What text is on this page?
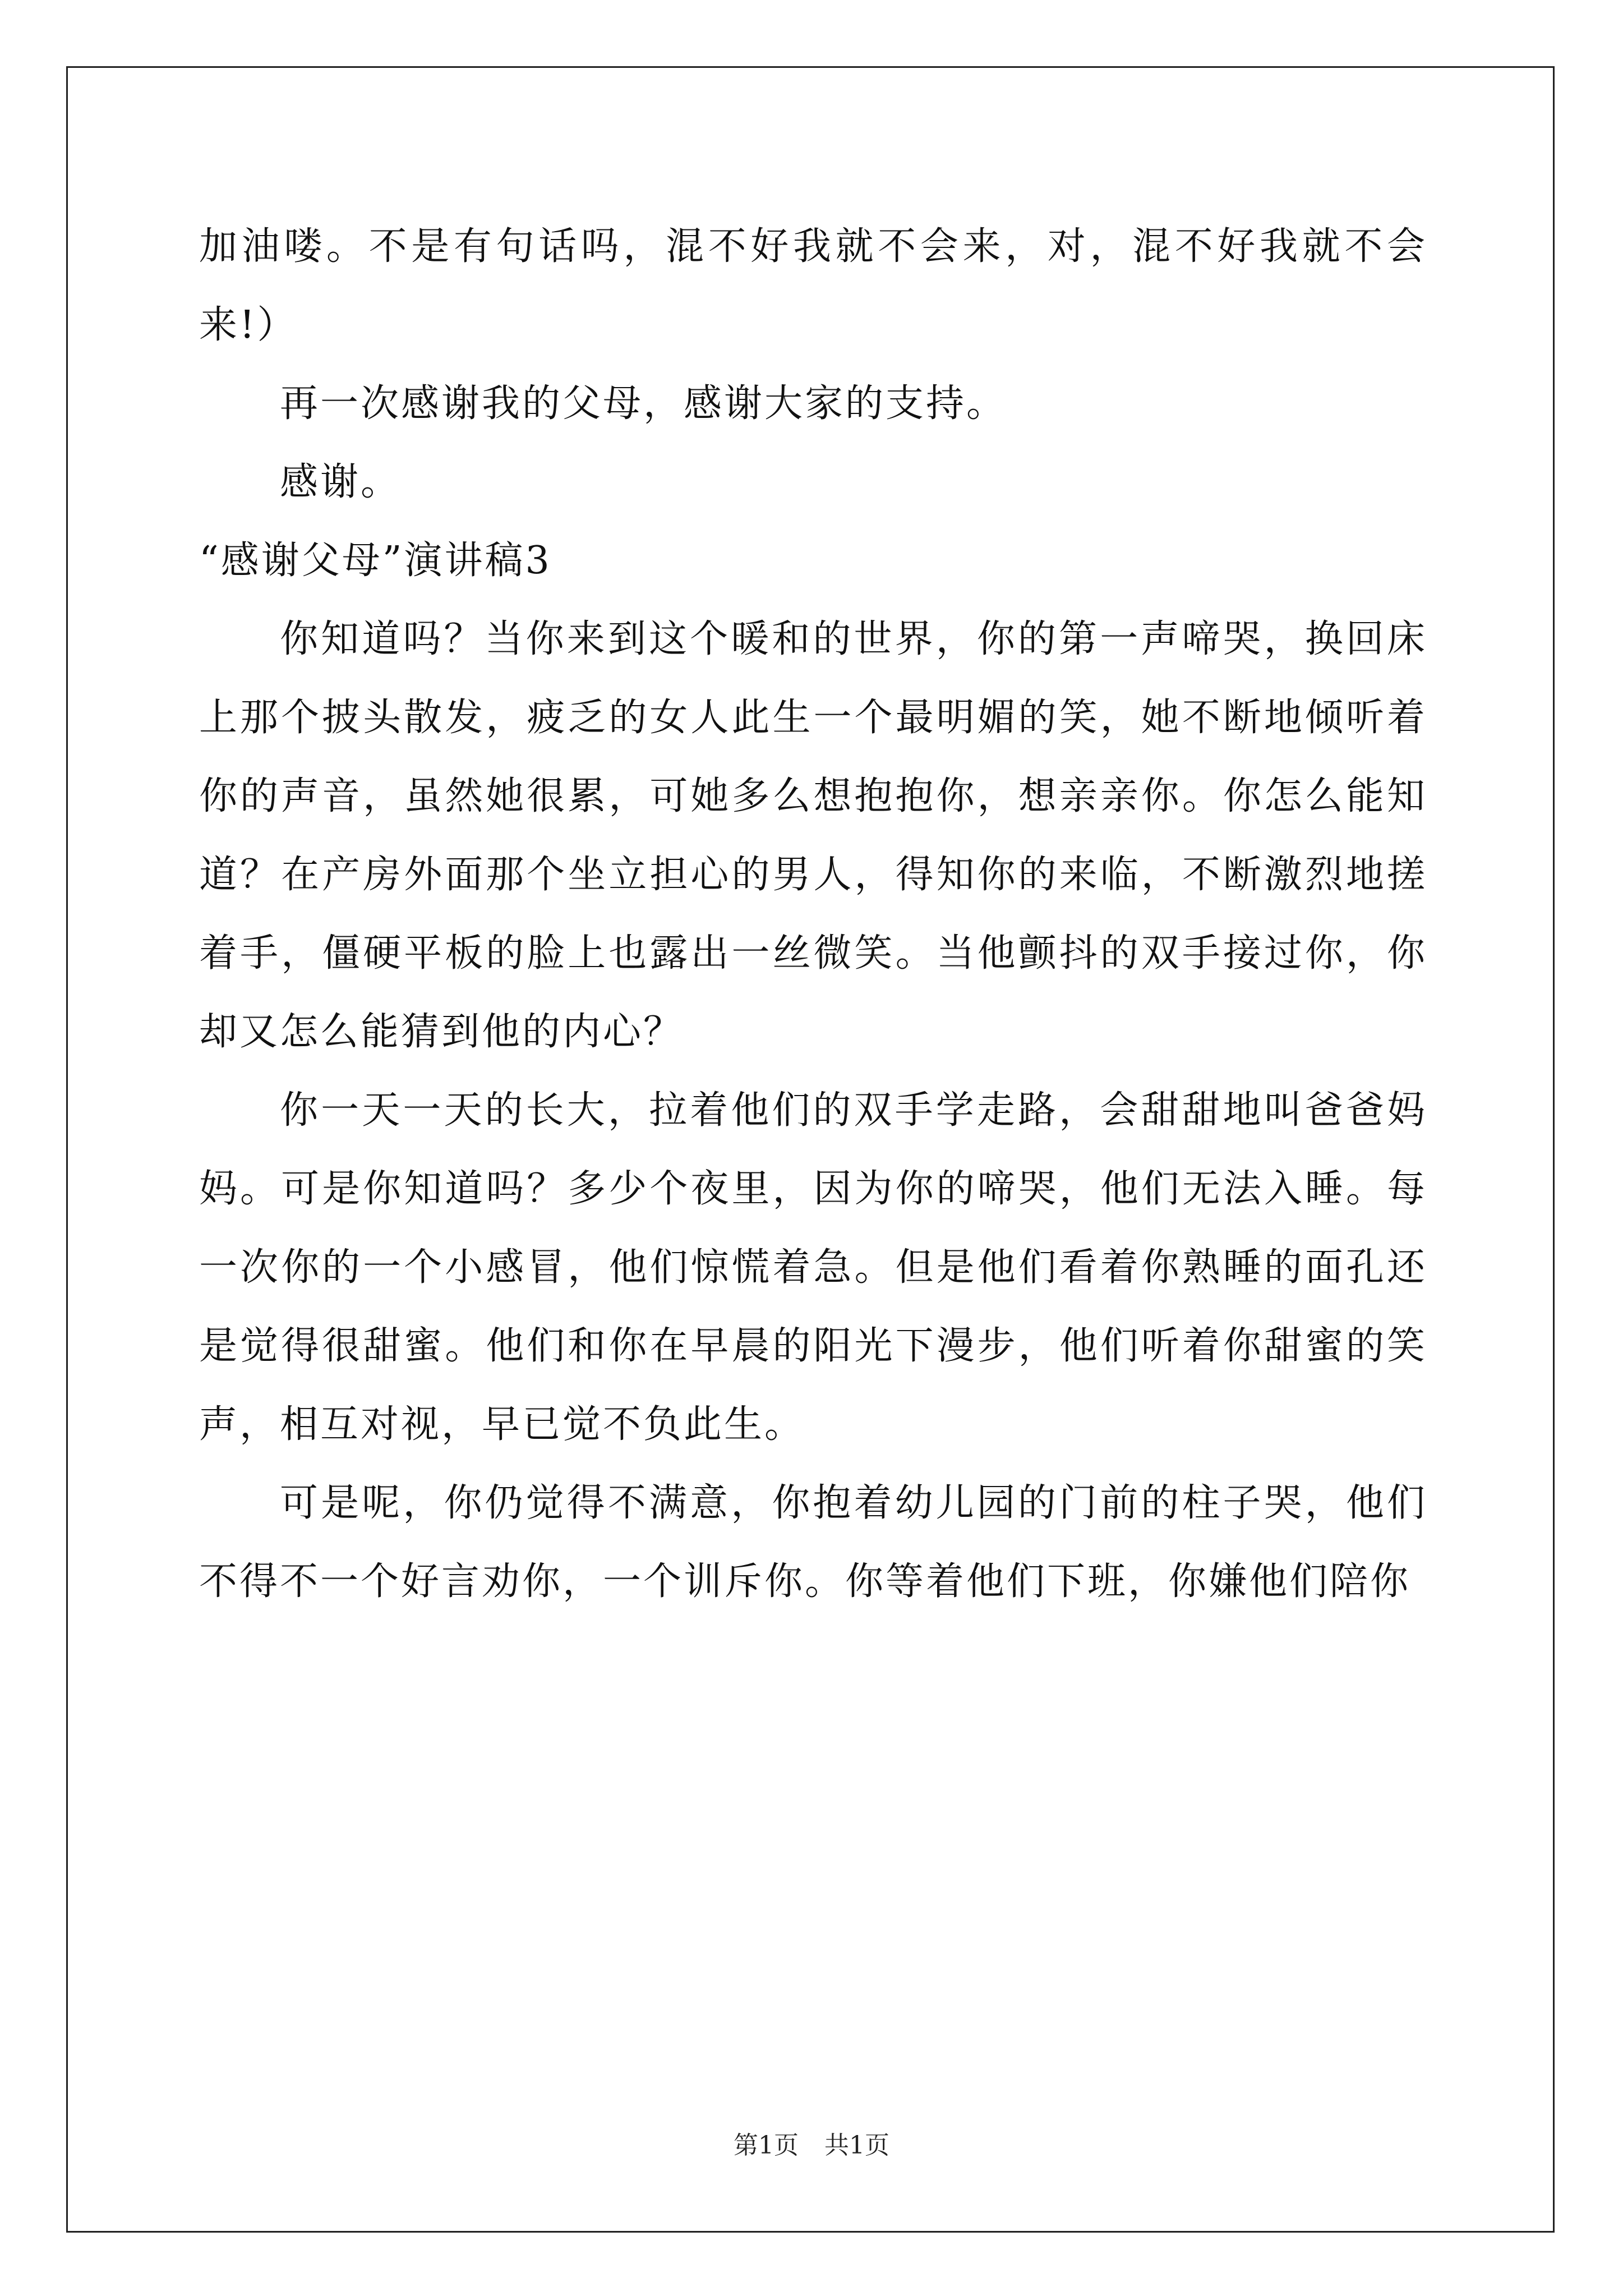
加油喽。不是有句话吗，混不好我就不会来，对，混不好我就不会来!）

再一次感谢我的父母，感谢大家的支持。

感谢。

“感谢父母”演讲稿3

你知道吗？当你来到这个暖和的世界，你的第一声啼哭，换回床上那个披头散发，疲乏的女人此生一个最明媚的笑，她不断地倾听着你的声音，虽然她很累，可她多么想抱抱你，想亲亲你。你怎么能知道？在产房外面那个坐立担心的男人，得知你的来临，不断激烈地搓着手，僵硬平板的脸上也露出一丝微笑。当他颤抖的双手接过你，你却又怎么能猜到他的内心？

你一天一天的长大，拉着他们的双手学走路，会甜甜地叫爸爸妈妈。可是你知道吗？多少个夜里，因为你的啼哭，他们无法入睡。每一次你的一个小感冒，他们惊慌着急。但是他们看着你熟睡的面孔还是觉得很甜蜜。他们和你在早晨的阳光下漫步，他们听着你甜蜜的笑声，相互对视，早已觉不负此生。

可是呢，你仍觉得不满意，你抱着幼儿园的门前的柱子哭，他们不得不一个好言劝你，一个训斥你。你等着他们下班，你嫌他们陪你

第1页 共1页
